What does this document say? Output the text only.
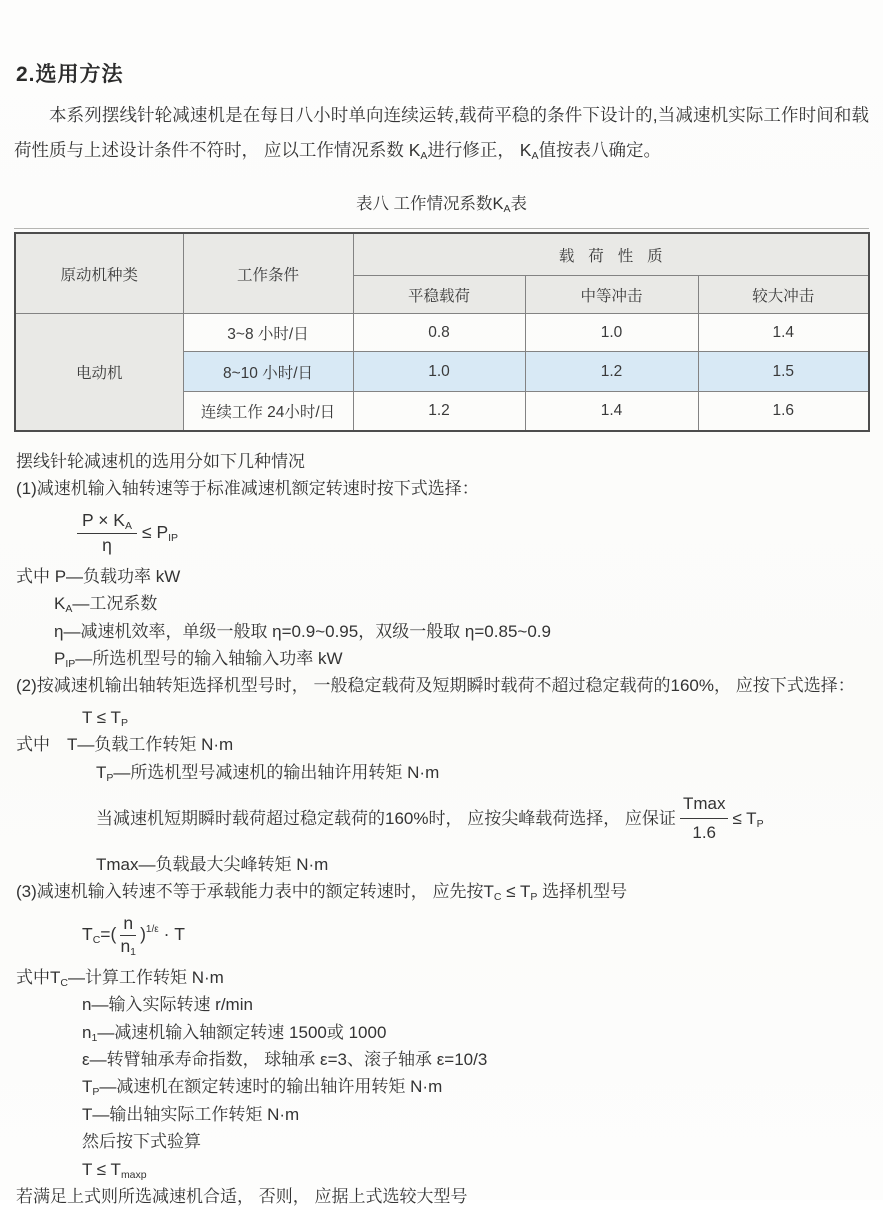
2.选用方法

本系列摆线针轮减速机是在每日八小时单向连续运转,载荷平稳的条件下设计的,当减速机实际工作时间和载荷性质与上述设计条件不符时， 应以工作情况系数 $K_A$进行修正， $K_A$值按表八确定。

表八 工作情况系数$K_A$表
原动机种类	工作条件	载荷性质		
		平稳载荷	中等冲击	较大冲击
电动机	3~8 小时/日	0.8	1.0	1.4
	8~10 小时/日	1.0	1.2	1.5
	连续工作 24小时/日	1.2	1.4	1.6
摆线针轮减速机的选用分如下几种情况
(1)减速机输入轴转速等于标准减速机额定转速时按下式选择：
$\frac{P \times K_A}{\eta} \le P_{IP}$
式中 P—负载功率 kW
$K_A—$工况系数
η—减速机效率，单级一般取 η=0.9~0.95，双级一般取 η=0.85~0.9
$P_{IP}—$所选机型号的输入轴输入功率 kW
(2)按减速机输出轴转矩选择机型号时， 一般稳定载荷及短期瞬时载荷不超过稳定载荷的160%， 应按下式选择：
$T \le T_P$
式中　T—负载工作转矩 N·m
$T_P—$所选机型号减速机的输出轴许用转矩 N·m
当减速机短期瞬时载荷超过稳定载荷的160%时， 应按尖峰载荷选择， 应保证 $\frac{Tmax}{1.6} \le T_P$
Tmax—负载最大尖峰转矩 N·m
(3)减速机输入转速不等于承载能力表中的额定转速时， 应先按$T_C \le T_P$ 选择机型号
$T_C=( \frac{n}{n_1} )^{1/\varepsilon} \cdot T$
式中$T_C—$计算工作转矩 N·m
n—输入实际转速 r/min
$n_1—$减速机输入轴额定转速 1500或 1000
ε—转臂轴承寿命指数， 球轴承 ε=3、滚子轴承 ε=10/3
$T_P—$减速机在额定转速时的输出轴许用转矩 N·m
T—输出轴实际工作转矩 N·m
然后按下式验算
$T \le T_{maxp}$
若满足上式则所选减速机合适， 否则， 应据上式选较大型号
